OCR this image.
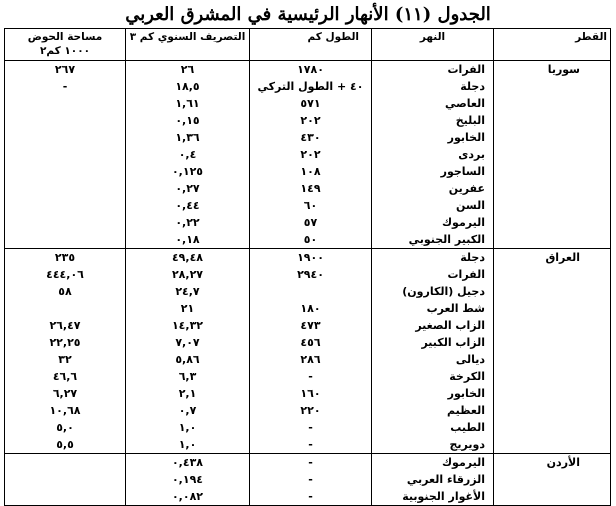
الجدول (١١) الأنهار الرئيسية في المشرق العربي
القطر	النهر	الطول كم	التصريف السنوي كم ٣	مساحة الحوض
١٠٠٠ كم٢

سوريا	الفرات	١٧٨٠	٢٦	٢٦٧
	دجلة	٤٠ + الطول التركي	١٨,٥	-
	العاصي	٥٧١	١,٦١	
	البليخ	٢٠٢	٠,١٥	
	الخابور	٤٣٠	١,٣٦	
	بردى	٢٠٢	٠,٤	
	الساجور	١٠٨	٠,١٢٥	
	عفرين	١٤٩	٠,٢٧	
	السن	٦٠	٠,٤٤	
	اليرموك	٥٧	٠,٢٢	
	الكبير الجنوبي	٥٠	٠,١٨	
العراق	دجلة	١٩٠٠	٤٩,٤٨	٢٣٥
	الفرات	٢٩٤٠	٢٨,٢٧	٤٤٤,٠٦
	دجيل (الكارون)		٢٤,٧	٥٨
	شط العرب	١٨٠	٢١	
	الزاب الصغير	٤٧٣	١٤,٣٢	٢٦,٤٧
	الزاب الكبير	٤٥٦	٧,٠٧	٢٢,٢٥
	ديالى	٢٨٦	٥,٨٦	٣٢
	الكرخة	-	٦,٣	٤٦,٦
	الخابور	١٦٠	٢,١	٦,٢٧
	العظيم	٢٢٠	٠,٧	١٠,٦٨
	الطيب	-	١,٠	٥,٠
	دويريج	-	١,٠	٥,٥
الأردن	اليرموك	-	٠,٤٣٨	
	الزرقاء العربي	-	٠,١٩٤	
	الأغوار الجنوبية	-	٠,٠٨٢	
